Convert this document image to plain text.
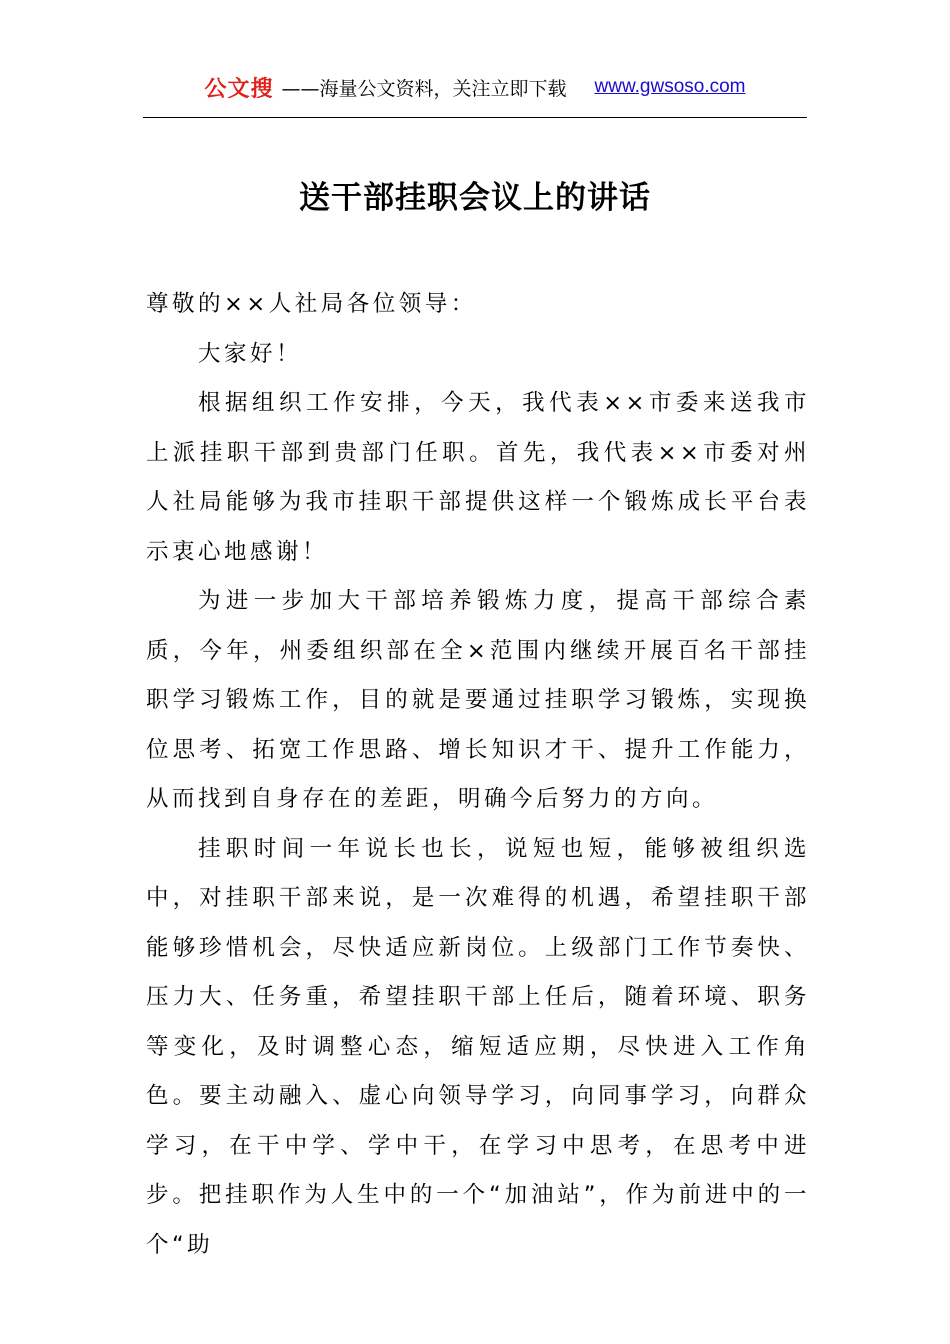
公文搜 ——海量公文资料，关注立即下载 www.gwsoso.com
送干部挂职会议上的讲话

尊敬的××人社局各位领导：

大家好！

根据组织工作安排，今天，我代表××市委来送我市上派挂职干部到贵部门任职。首先，我代表××市委对州人社局能够为我市挂职干部提供这样一个锻炼成长平台表示衷心地感谢！

为进一步加大干部培养锻炼力度，提高干部综合素质，今年，州委组织部在全×范围内继续开展百名干部挂职学习锻炼工作，目的就是要通过挂职学习锻炼，实现换位思考、拓宽工作思路、增长知识才干、提升工作能力，从而找到自身存在的差距，明确今后努力的方向。

挂职时间一年说长也长，说短也短，能够被组织选中，对挂职干部来说，是一次难得的机遇，希望挂职干部能够珍惜机会，尽快适应新岗位。上级部门工作节奏快、压力大、任务重，希望挂职干部上任后，随着环境、职务等变化，及时调整心态，缩短适应期，尽快进入工作角色。要主动融入、虚心向领导学习，向同事学习，向群众学习，在干中学、学中干，在学习中思考，在思考中进步。把挂职作为人生中的一个“加油站”，作为前进中的一个“助
